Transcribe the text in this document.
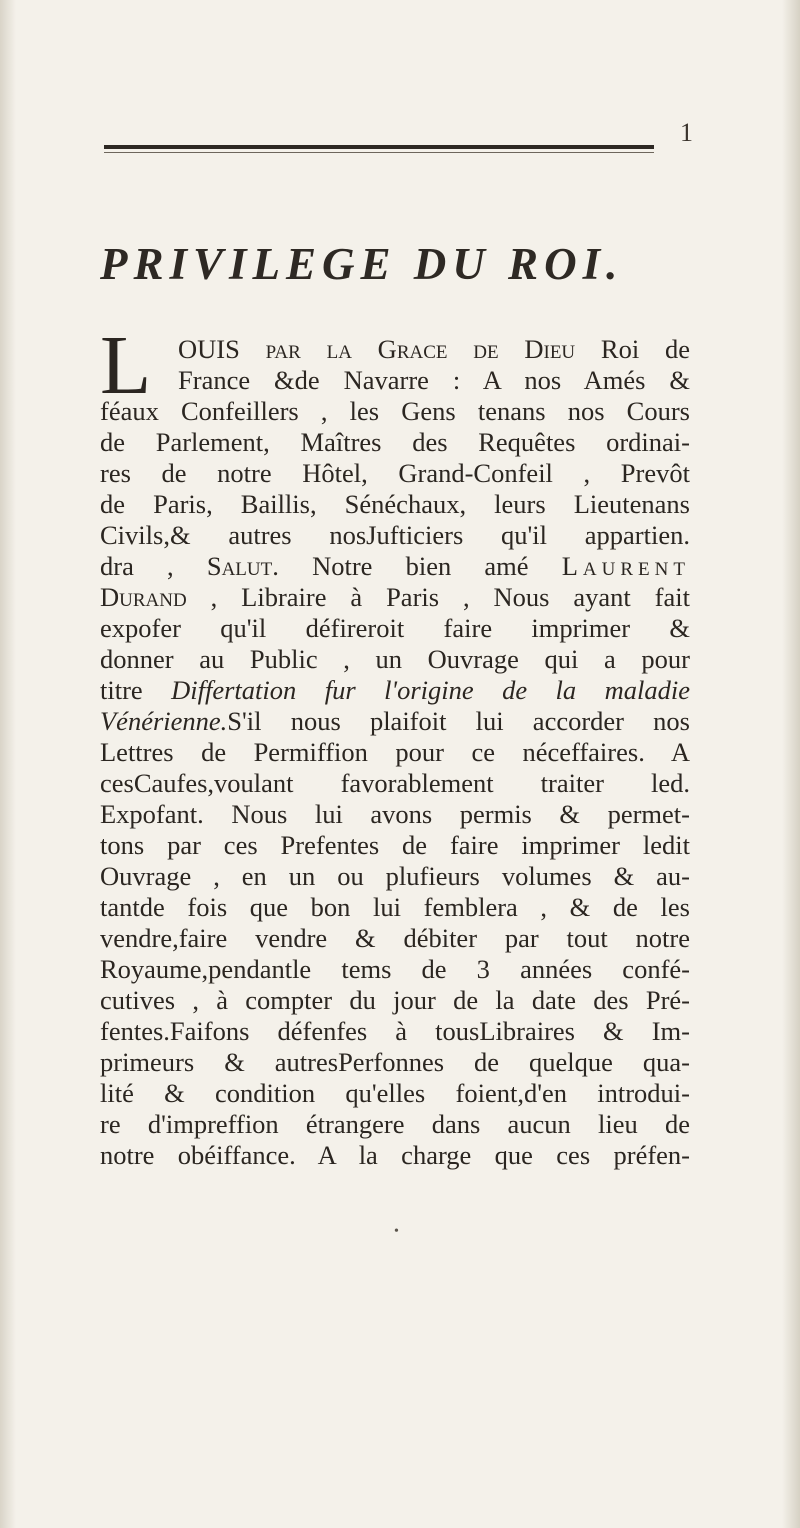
1
PRIVILEGE DU ROI.
L	OUIS par la Grace de Dieu Roi de
France &de Navarre : A nos Amés &
féaux Confeillers , les Gens tenans nos Cours
de Parlement, Maîtres des Requêtes ordinai-
res de notre Hôtel, Grand-Confeil , Prevôt
de Paris, Baillis, Sénéchaux, leurs Lieutenans
Civils,& autres nosJufticiers qu'il appartien.
dra , Salut. Notre bien amé Laurent
Durand , Libraire à Paris , Nous ayant fait
expofer qu'il défireroit faire imprimer &
donner au Public , un Ouvrage qui a pour
titre Differtation fur l'origine de la maladie
Vénérienne.S'il nous plaifoit lui accorder nos
Lettres de Permiffion pour ce néceffaires. A
cesCaufes,voulant favorablement traiter led.
Expofant. Nous lui avons permis & permet-
tons par ces Prefentes de faire imprimer ledit
Ouvrage , en un ou plufieurs volumes & au-
tantde fois que bon lui femblera , & de les
vendre,faire vendre & débiter par tout notre
Royaume,pendantle tems de 3 années confé-
cutives , à compter du jour de la date des Pré-
fentes.Faifons défenfes à tousLibraires & Im-
primeurs & autresPerfonnes de quelque qua-
lité & condition qu'elles foient,d'en introdui-
re d'impreffion étrangere dans aucun lieu de
notre obéiffance. A la charge que ces préfen-
•
